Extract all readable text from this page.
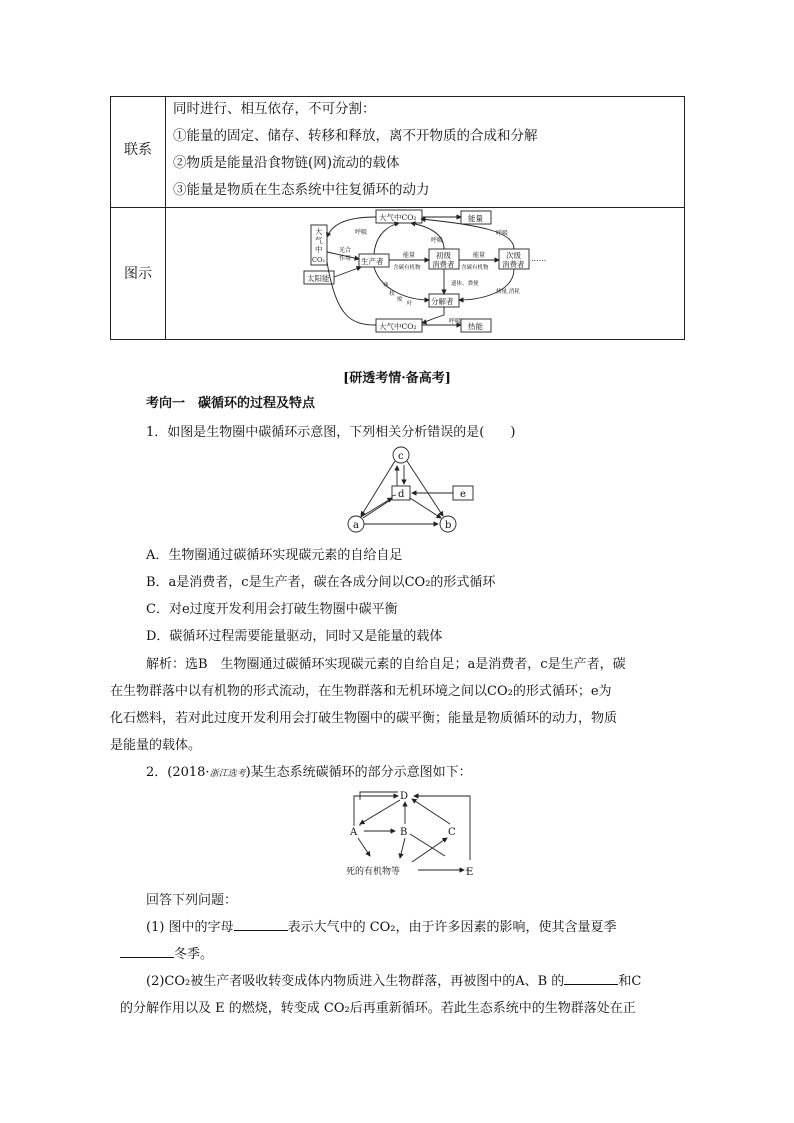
联系
同时进行、相互依存，不可分割：
①能量的固定、储存、转移和释放，离不开物质的合成和分解
②物质是能量沿食物链(网)流动的载体
③能量是物质在生态系统中往复循环的动力
图示
大气中CO₂
大气中CO₂
能量
热能
大
气
中
CO₂
太阳能
生产者
初级
消费者
次级
消费者
分解者
光合
作用
呼吸
呼吸
呼吸
呼吸
能量	能量
含碳有机物	含碳有机物
遗体、粪便
残
枝
败
叶
热量,消耗
......
[研透考情·备高考]
考向一　碳循环的过程及特点
1．如图是生物圈中碳循环示意图，下列相关分析错误的是(　　)
c
d	e
a	b
A．生物圈通过碳循环实现碳元素的自给自足
B．a是消费者，c是生产者，碳在各成分间以CO₂的形式循环
C．对e过度开发利用会打破生物圈中碳平衡
D．碳循环过程需要能量驱动，同时又是能量的载体
解析：选B　生物圈通过碳循环实现碳元素的自给自足；a是消费者，c是生产者，碳
在生物群落中以有机物的形式流动，在生物群落和无机环境之间以CO₂的形式循环；e为
化石燃料，若对此过度开发利用会打破生物圈中的碳平衡；能量是物质循环的动力，物质
是能量的载体。
2．(2018·浙江选考)某生态系统碳循环的部分示意图如下：
D
A	B	C
E
死的有机物等
回答下列问题：
(1) 图中的字母	表示大气中的 CO₂，由于许多因素的影响，使其含量夏季
冬季。
(2)CO₂被生产者吸收转变成体内物质进入生物群落，再被图中的A、B 的	和C
的分解作用以及 E 的燃烧，转变成 CO₂后再重新循环。若此生态系统中的生物群落处在正
